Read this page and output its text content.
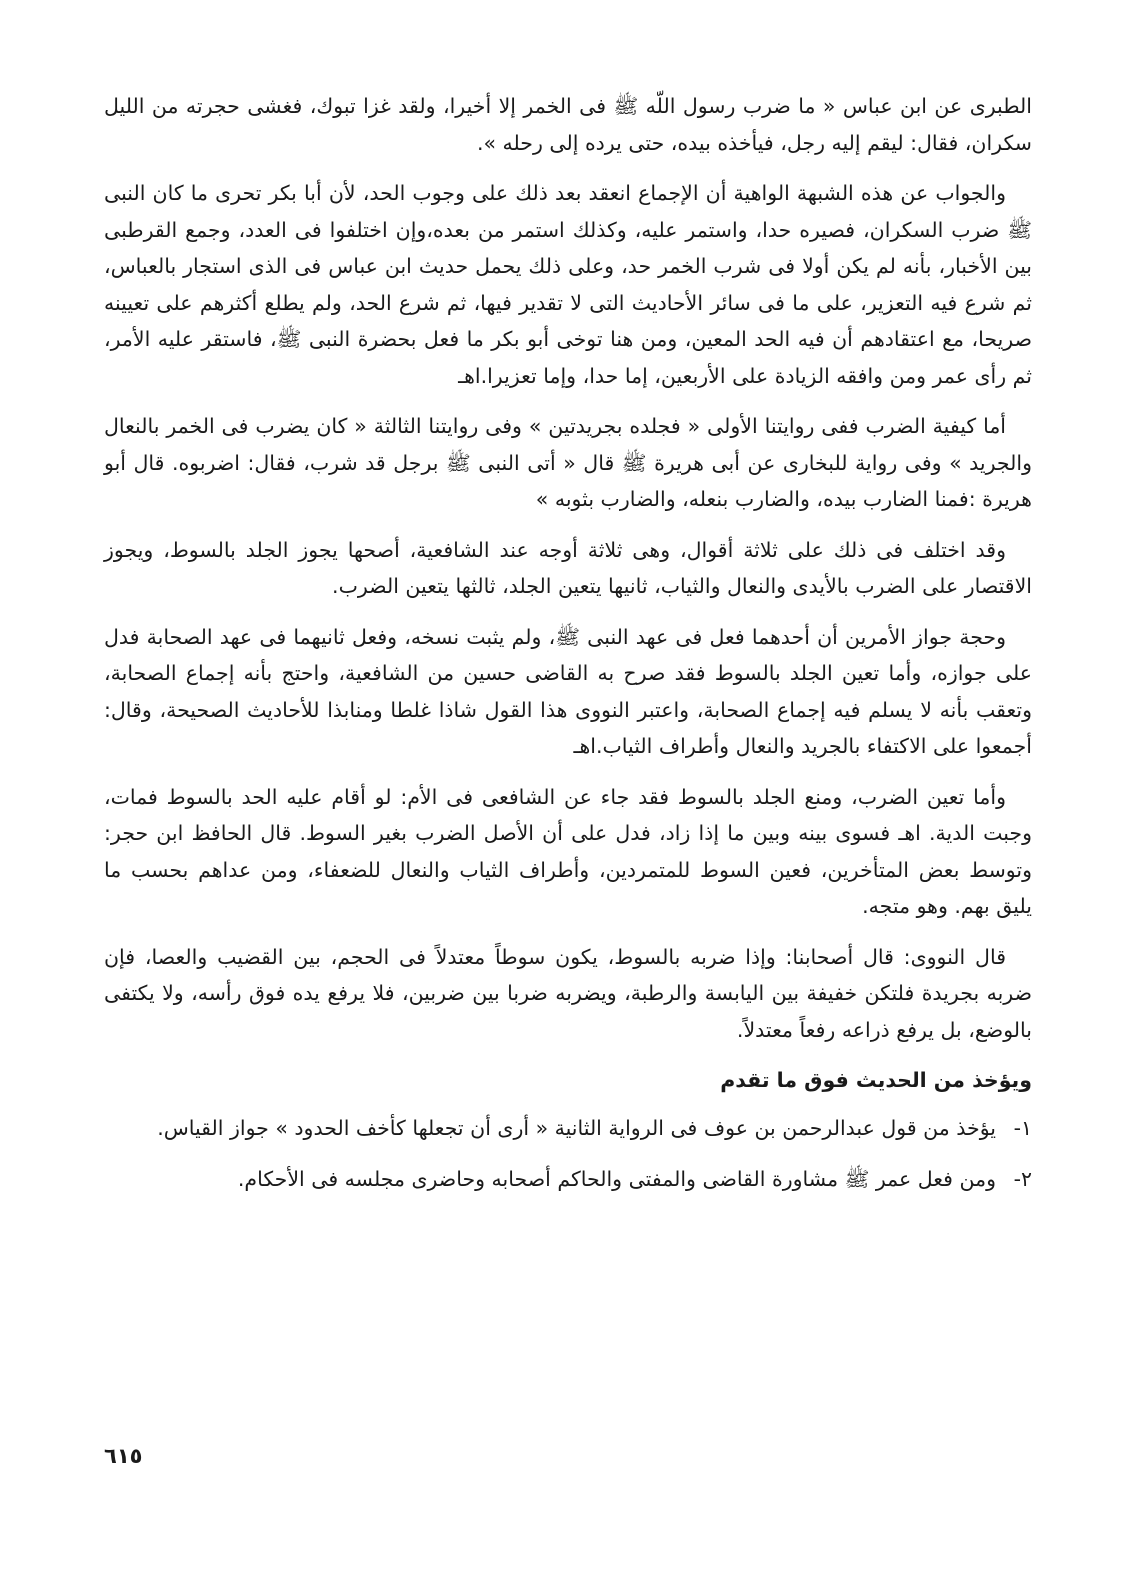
الطبرى عن ابن عباس « ما ضرب رسول اللّه ﷺ فى الخمر إلا أخيرا، ولقد غزا تبوك، فغشى حجرته من الليل سكران، فقال: ليقم إليه رجل، فيأخذه بيده، حتى يرده إلى رحله ».

والجواب عن هذه الشبهة الواهية أن الإجماع انعقد بعد ذلك على وجوب الحد، لأن أبا بكر تحرى ما كان النبى ﷺ ضرب السكران، فصيره حدا، واستمر عليه، وكذلك استمر من بعده،وإن اختلفوا فى العدد، وجمع القرطبى بين الأخبار، بأنه لم يكن أولا فى شرب الخمر حد، وعلى ذلك يحمل حديث ابن عباس فى الذى استجار بالعباس، ثم شرع فيه التعزير، على ما فى سائر الأحاديث التى لا تقدير فيها، ثم شرع الحد، ولم يطلع أكثرهم على تعيينه صريحا، مع اعتقادهم أن فيه الحد المعين، ومن هنا توخى أبو بكر ما فعل بحضرة النبى ﷺ، فاستقر عليه الأمر، ثم رأى عمر ومن وافقه الزيادة على الأربعين، إما حدا، وإما تعزيرا.اهـ

أما كيفية الضرب ففى روايتنا الأولى « فجلده بجريدتين » وفى روايتنا الثالثة « كان يضرب فى الخمر بالنعال والجريد » وفى رواية للبخارى عن أبى هريرة ﷺ قال « أتى النبى ﷺ برجل قد شرب، فقال: اضربوه. قال أبو هريرة :فمنا الضارب بيده، والضارب بنعله، والضارب بثوبه »

وقد اختلف فى ذلك على ثلاثة أقوال، وهى ثلاثة أوجه عند الشافعية، أصحها يجوز الجلد بالسوط، ويجوز الاقتصار على الضرب بالأيدى والنعال والثياب، ثانيها يتعين الجلد، ثالثها يتعين الضرب.

وحجة جواز الأمرين أن أحدهما فعل فى عهد النبى ﷺ، ولم يثبت نسخه، وفعل ثانيهما فى عهد الصحابة فدل على جوازه، وأما تعين الجلد بالسوط فقد صرح به القاضى حسين من الشافعية، واحتج بأنه إجماع الصحابة، وتعقب بأنه لا يسلم فيه إجماع الصحابة، واعتبر النووى هذا القول شاذا غلطا ومنابذا للأحاديث الصحيحة، وقال: أجمعوا على الاكتفاء بالجريد والنعال وأطراف الثياب.اهـ

وأما تعين الضرب، ومنع الجلد بالسوط فقد جاء عن الشافعى فى الأم: لو أقام عليه الحد بالسوط فمات، وجبت الدية. اهـ فسوى بينه وبين ما إذا زاد، فدل على أن الأصل الضرب بغير السوط. قال الحافظ ابن حجر: وتوسط بعض المتأخرين، فعين السوط للمتمردين، وأطراف الثياب والنعال للضعفاء، ومن عداهم بحسب ما يليق بهم. وهو متجه.

قال النووى: قال أصحابنا: وإذا ضربه بالسوط، يكون سوطاً معتدلاً فى الحجم، بين القضيب والعصا، فإن ضربه بجريدة فلتكن خفيفة بين اليابسة والرطبة، ويضربه ضربا بين ضربين، فلا يرفع يده فوق رأسه، ولا يكتفى بالوضع، بل يرفع ذراعه رفعاً معتدلاً.

ويؤخذ من الحديث فوق ما تقدم
١-
يؤخذ من قول عبدالرحمن بن عوف فى الرواية الثانية « أرى أن تجعلها كأخف الحدود » جواز القياس.
٢-
ومن فعل عمر ﷺ مشاورة القاضى والمفتى والحاكم أصحابه وحاضرى مجلسه فى الأحكام.
٦١٥
